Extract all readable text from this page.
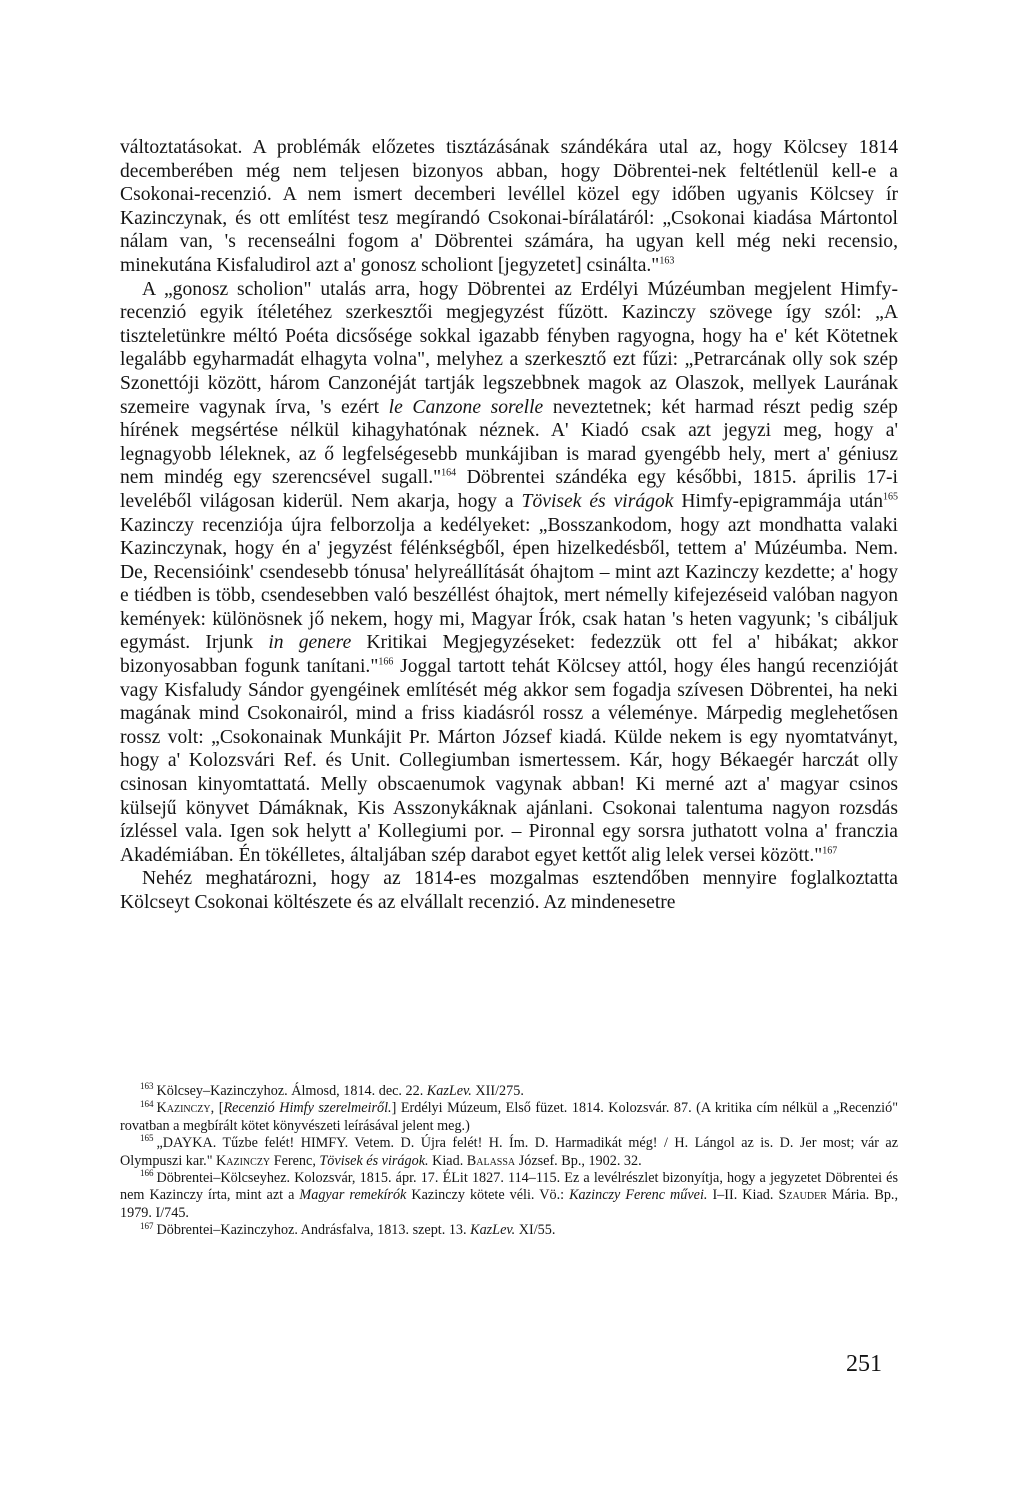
változtatásokat. A problémák előzetes tisztázásának szándékára utal az, hogy Kölcsey 1814 decemberében még nem teljesen bizonyos abban, hogy Döbrentei-nek feltétlenül kell-e a Csokonai-recenzió. A nem ismert decemberi levéllel közel egy időben ugyanis Kölcsey ír Kazinczynak, és ott említést tesz megírandó Csokonai-bírálatáról: „Csokonai kiadása Mártontol nálam van, 's recenseálni fogom a' Döbrentei számára, ha ugyan kell még neki recensio, minekutána Kisfaludirol azt a' gonosz scholiont [jegyzetet] csinálta."$^{163}$

A „gonosz scholion" utalás arra, hogy Döbrentei az Erdélyi Múzéumban megjelent Himfy-recenzió egyik ítéletéhez szerkesztői megjegyzést fűzött. Kazinczy szövege így szól: „A tiszteletünkre méltó Poéta dicsősége sokkal igazabb fényben ragyogna, hogy ha e' két Kötetnek legalább egyharmadát elhagyta volna", melyhez a szerkesztő ezt fűzi: „Petrarcának olly sok szép Szonettóji között, három Canzonéját tartják legszebbnek magok az Olaszok, mellyek Laurának szemeire vagynak írva, 's ezért le Canzone sorelle neveztetnek; két harmad részt pedig szép hírének megsértése nélkül kihagyhatónak néznek. A' Kiadó csak azt jegyzi meg, hogy a' legnagyobb léleknek, az ő legfelségesebb munkájiban is marad gyengébb hely, mert a' géniusz nem mindég egy szerencsével sugall."$^{164}$ Döbrentei szándéka egy későbbi, 1815. április 17-i leveléből világosan kiderül. Nem akarja, hogy a Tövisek és virágok Himfy-epigrammája után$^{165}$ Kazinczy recenziója újra felborzolja a kedélyeket: „Bosszankodom, hogy azt mondhatta valaki Kazinczynak, hogy én a' jegyzést félénkségből, épen hizelkedésből, tettem a' Múzéumba. Nem. De, Recensióink' csendesebb tónusa' helyreállítását óhajtom – mint azt Kazinczy kezdette; a' hogy e tiédben is több, csendesebben való beszéllést óhajtok, mert némelly kifejezéseid valóban nagyon kemények: különösnek jő nekem, hogy mi, Magyar Írók, csak hatan 's heten vagyunk; 's cibáljuk egymást. Irjunk in genere Kritikai Megjegyzéseket: fedezzük ott fel a' hibákat; akkor bizonyosabban fogunk tanítani."$^{166}$ Joggal tartott tehát Kölcsey attól, hogy éles hangú recenzióját vagy Kisfaludy Sándor gyengéinek említését még akkor sem fogadja szívesen Döbrentei, ha neki magának mind Csokonairól, mind a friss kiadásról rossz a véleménye. Márpedig meglehetősen rossz volt: „Csokonainak Munkájit Pr. Márton József kiadá. Külde nekem is egy nyomtatványt, hogy a' Kolozsvári Ref. és Unit. Collegiumban ismertessem. Kár, hogy Békaegér harczát olly csinosan kinyomtattatá. Melly obscaenumok vagynak abban! Ki merné azt a' magyar csinos külsejű könyvet Dámáknak, Kis Asszonykáknak ajánlani. Csokonai talentuma nagyon rozsdás ízléssel vala. Igen sok helytt a' Kollegiumi por. – Pironnal egy sorsra juthatott volna a' franczia Akadémiában. Én tökélletes, általjában szép darabot egyet kettőt alig lelek versei között."$^{167}$

Nehéz meghatározni, hogy az 1814-es mozgalmas esztendőben mennyire foglalkoztatta Kölcseyt Csokonai költészete és az elvállalt recenzió. Az mindenesetre

$^{163}$ Kölcsey–Kazinczyhoz. Álmosd, 1814. dec. 22. KazLev. XII/275.

$^{164}$ Kazinczy, [Recenzió Himfy szerelmeiről.] Erdélyi Múzeum, Első füzet. 1814. Kolozsvár. 87. (A kritika cím nélkül a „Recenzió" rovatban a megbírált kötet könyvészeti leírásával jelent meg.)

$^{165}$ „DAYKA. Tűzbe felét! HIMFY. Vetem. D. Újra felét! H. Ím. D. Harmadikát még! / H. Lángol az is. D. Jer most; vár az Olympuszi kar." Kazinczy Ferenc, Tövisek és virágok. Kiad. Balassa József. Bp., 1902. 32.

$^{166}$ Döbrentei–Kölcseyhez. Kolozsvár, 1815. ápr. 17. ÉLit 1827. 114–115. Ez a levélrészlet bizonyítja, hogy a jegyzetet Döbrentei és nem Kazinczy írta, mint azt a Magyar remekírók Kazinczy kötete véli. Vö.: Kazinczy Ferenc művei. I–II. Kiad. Szauder Mária. Bp., 1979. I/745.

$^{167}$ Döbrentei–Kazinczyhoz. Andrásfalva, 1813. szept. 13. KazLev. XI/55.

251
